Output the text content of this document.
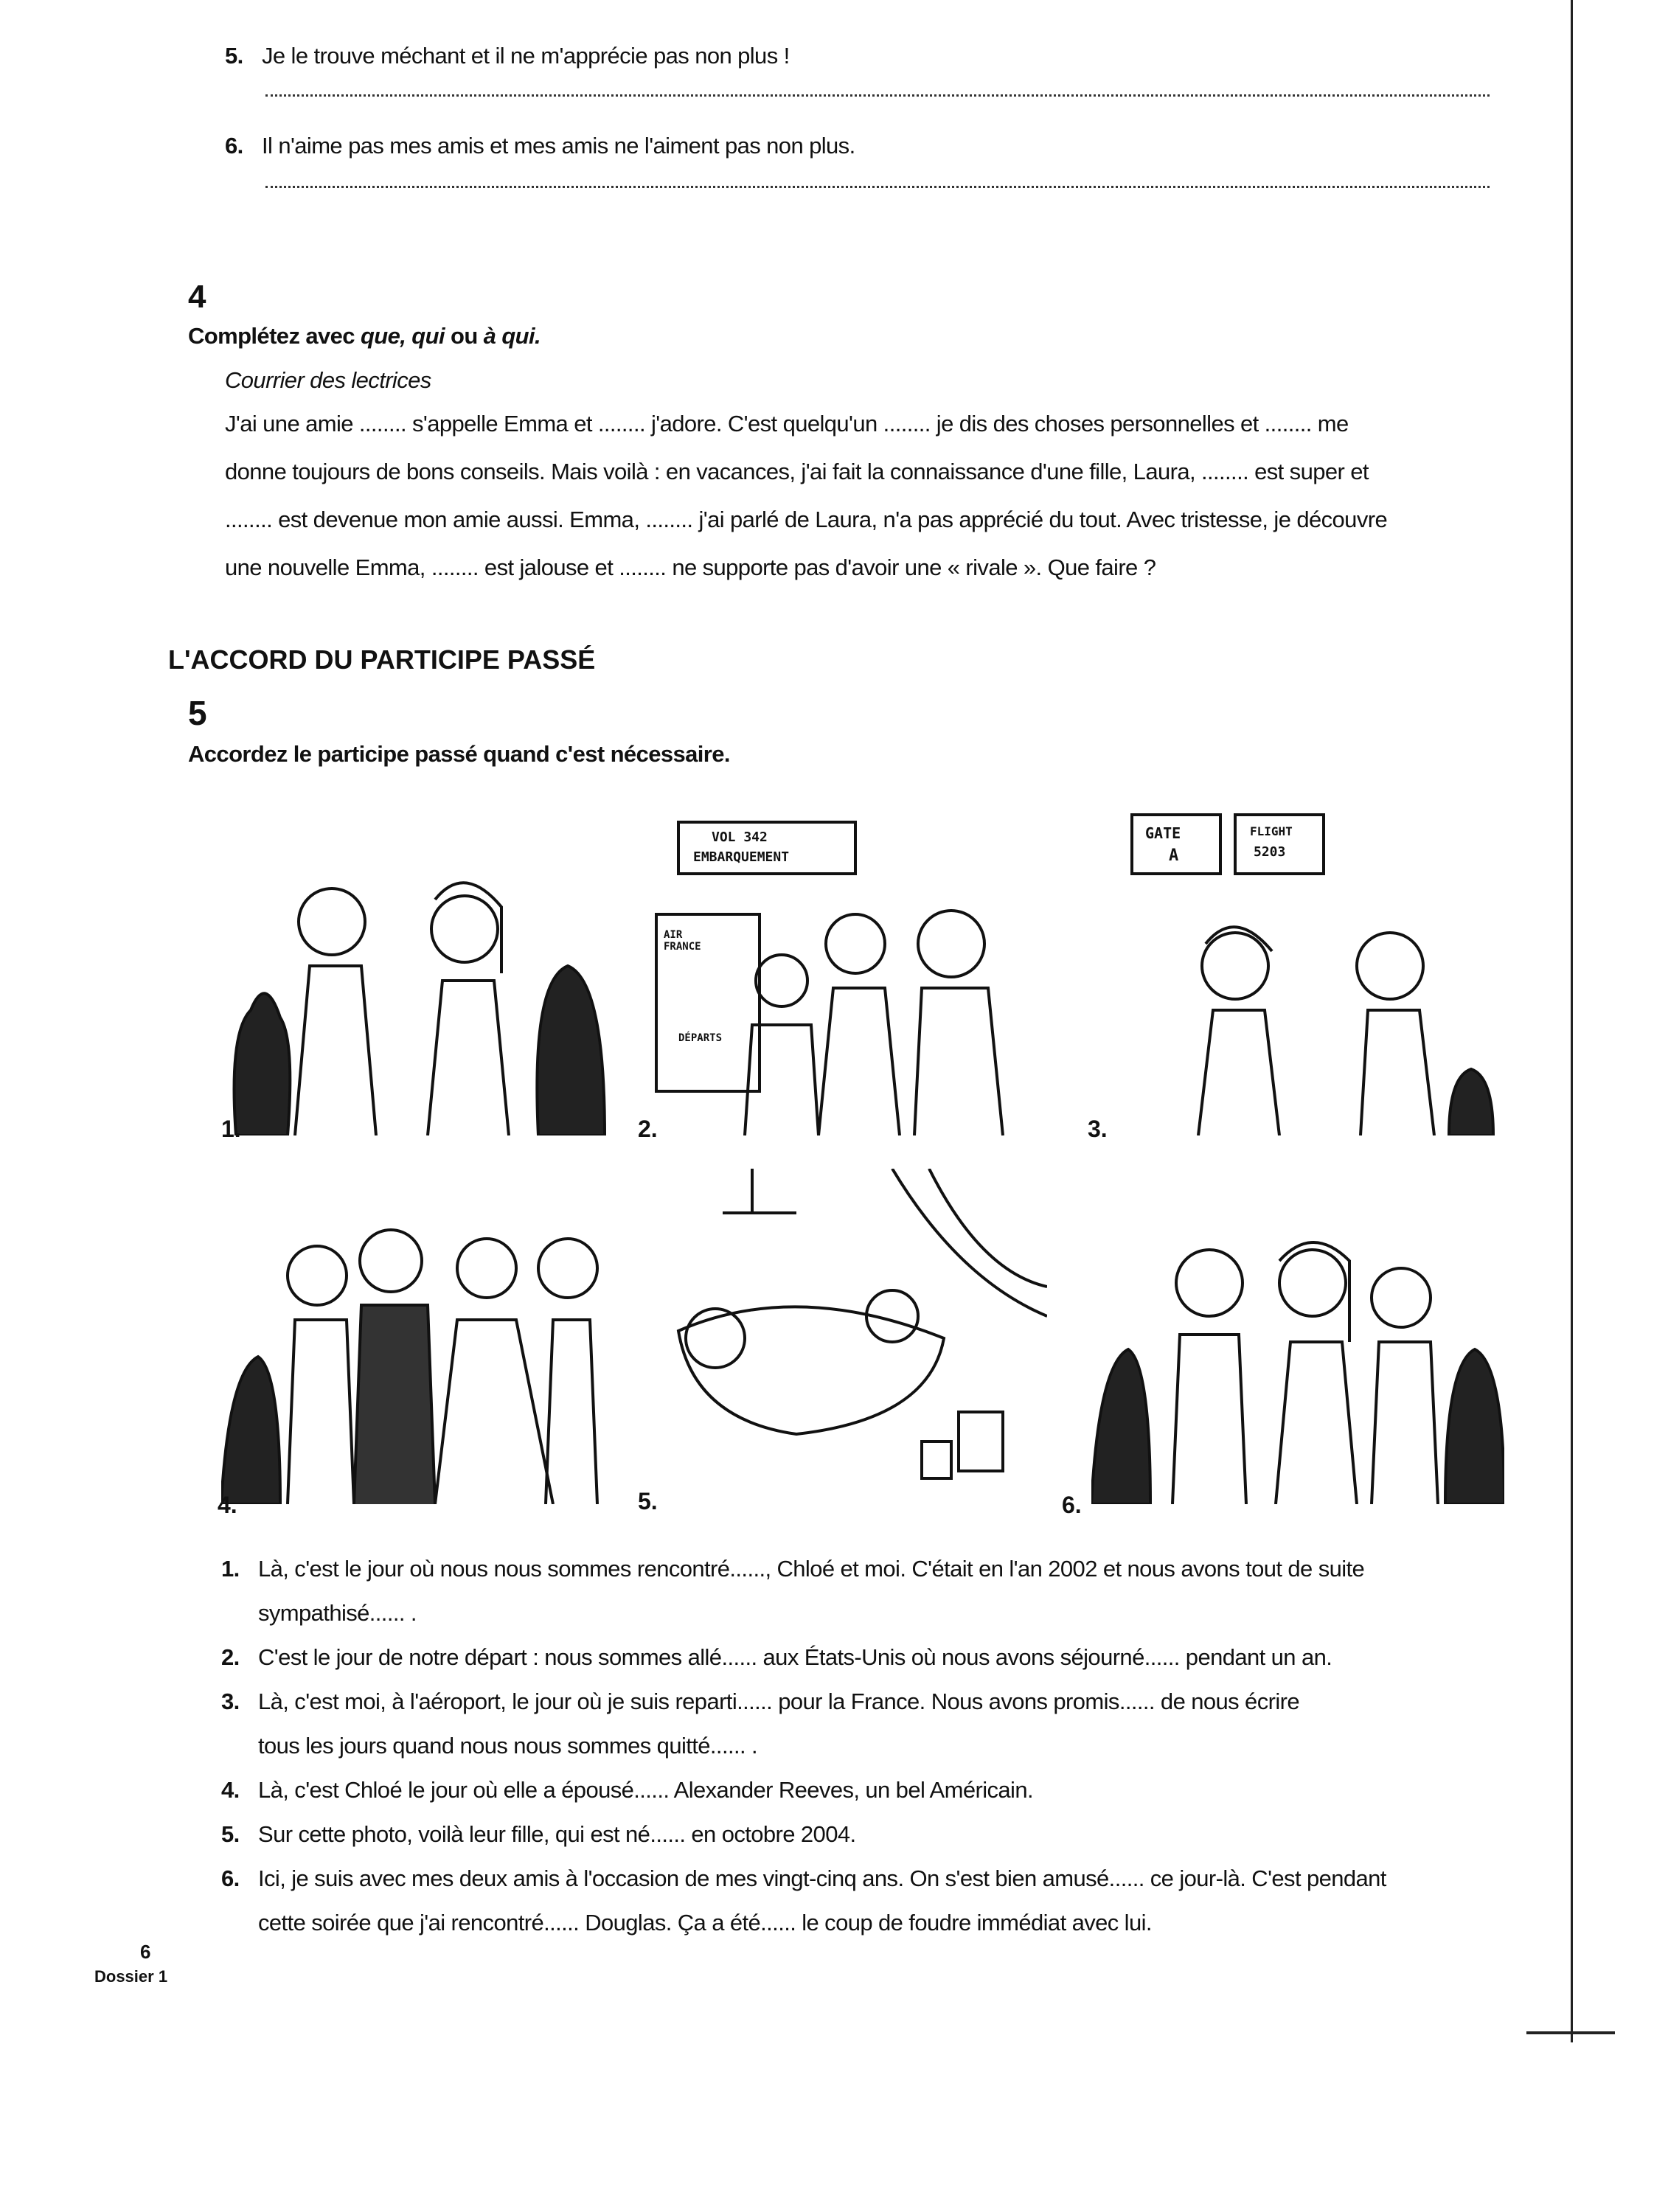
5. Je le trouve méchant et il ne m'apprécie pas non plus !
6. Il n'aime pas mes amis et mes amis ne l'aiment pas non plus.
4
Complétez avec que, qui ou à qui.
Courrier des lectrices
J'ai une amie ........ s'appelle Emma et ........ j'adore. C'est quelqu'un ........ je dis des choses personnelles et ........ me
donne toujours de bons conseils. Mais voilà : en vacances, j'ai fait la connaissance d'une fille, Laura, ........ est super et
........ est devenue mon amie aussi. Emma, ........ j'ai parlé de Laura, n'a pas apprécié du tout. Avec tristesse, je découvre
une nouvelle Emma, ........ est jalouse et ........ ne supporte pas d'avoir une « rivale ». Que faire ?
L'ACCORD DU PARTICIPE PASSÉ
5
Accordez le participe passé quand c'est nécessaire.
1.
VOL 342
EMBARQUEMENT
AIR FRANCE
DÉPARTS
2.
GATE
A
FLIGHT
5203
3.
4.	5.	6.
1. Là, c'est le jour où nous nous sommes rencontré......, Chloé et moi. C'était en l'an 2002 et nous avons tout de suite
sympathisé...... .
2. C'est le jour de notre départ : nous sommes allé...... aux États-Unis où nous avons séjourné...... pendant un an.
3. Là, c'est moi, à l'aéroport, le jour où je suis reparti...... pour la France. Nous avons promis...... de nous écrire
tous les jours quand nous nous sommes quitté...... .
4. Là, c'est Chloé le jour où elle a épousé...... Alexander Reeves, un bel Américain.
5. Sur cette photo, voilà leur fille, qui est né...... en octobre 2004.
6. Ici, je suis avec mes deux amis à l'occasion de mes vingt-cinq ans. On s'est bien amusé...... ce jour-là. C'est pendant
cette soirée que j'ai rencontré...... Douglas. Ça a été...... le coup de foudre immédiat avec lui.
6
Dossier 1
